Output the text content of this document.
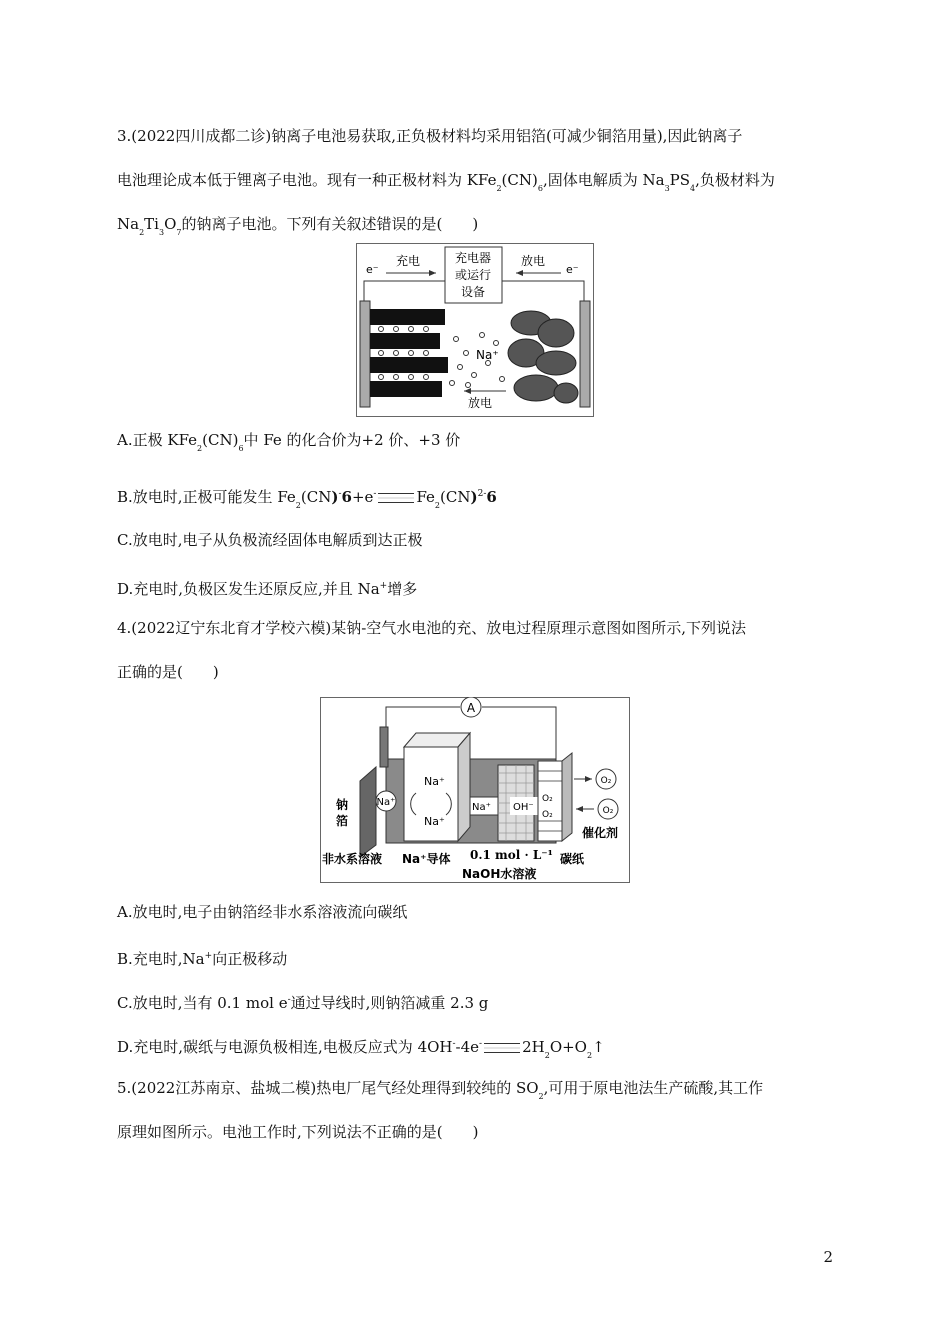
3.(2022四川成都二诊)钠离子电池易获取,正负极材料均采用铝箔(可减少铜箔用量),因此钠离子
电池理论成本低于锂离子电池。现有一种正极材料为 $KFe_2(CN)_6$,固体电解质为 $Na_3PS_4$,负极材料为
$Na_2Ti_3O_7$的钠离子电池。下列有关叙述错误的是(　　)
充电器
或运行
设备
e⁻
充电	放电
e⁻
Na⁺
放电
A.正极 $KFe_2(CN)_6$中 Fe 的化合价为+2 价、+3 价
B.放电时,正极可能发生 $Fe_2(CN)^-6+e^-$	$Fe_2(CN)^{2-}6$
C.放电时,电子从负极流经固体电解质到达正极
D.充电时,负极区发生还原反应,并且 Na+增多
4.(2022辽宁东北育才学校六模)某钠-空气水电池的充、放电过程原理示意图如图所示,下列说法
正确的是(　　)
A
Na⁺
Na⁺
Na⁺
Na⁺ OH⁻
O₂
O₂
O₂
O₂
钠
箔
催化剂
非水系溶液 Na⁺导体 0.1 mol · L⁻¹ 碳纸
NaOH水溶液
A.放电时,电子由钠箔经非水系溶液流向碳纸
B.充电时,Na+向正极移动
C.放电时,当有 0.1 mol e-通过导线时,则钠箔减重 2.3 g
D.充电时,碳纸与电源负极相连,电极反应式为 4OH--4e-	$2H_2O+O_2↑$
5.(2022江苏南京、盐城二模)热电厂尾气经处理得到较纯的 $SO_2$,可用于原电池法生产硫酸,其工作
原理如图所示。电池工作时,下列说法不正确的是(　　)
2
